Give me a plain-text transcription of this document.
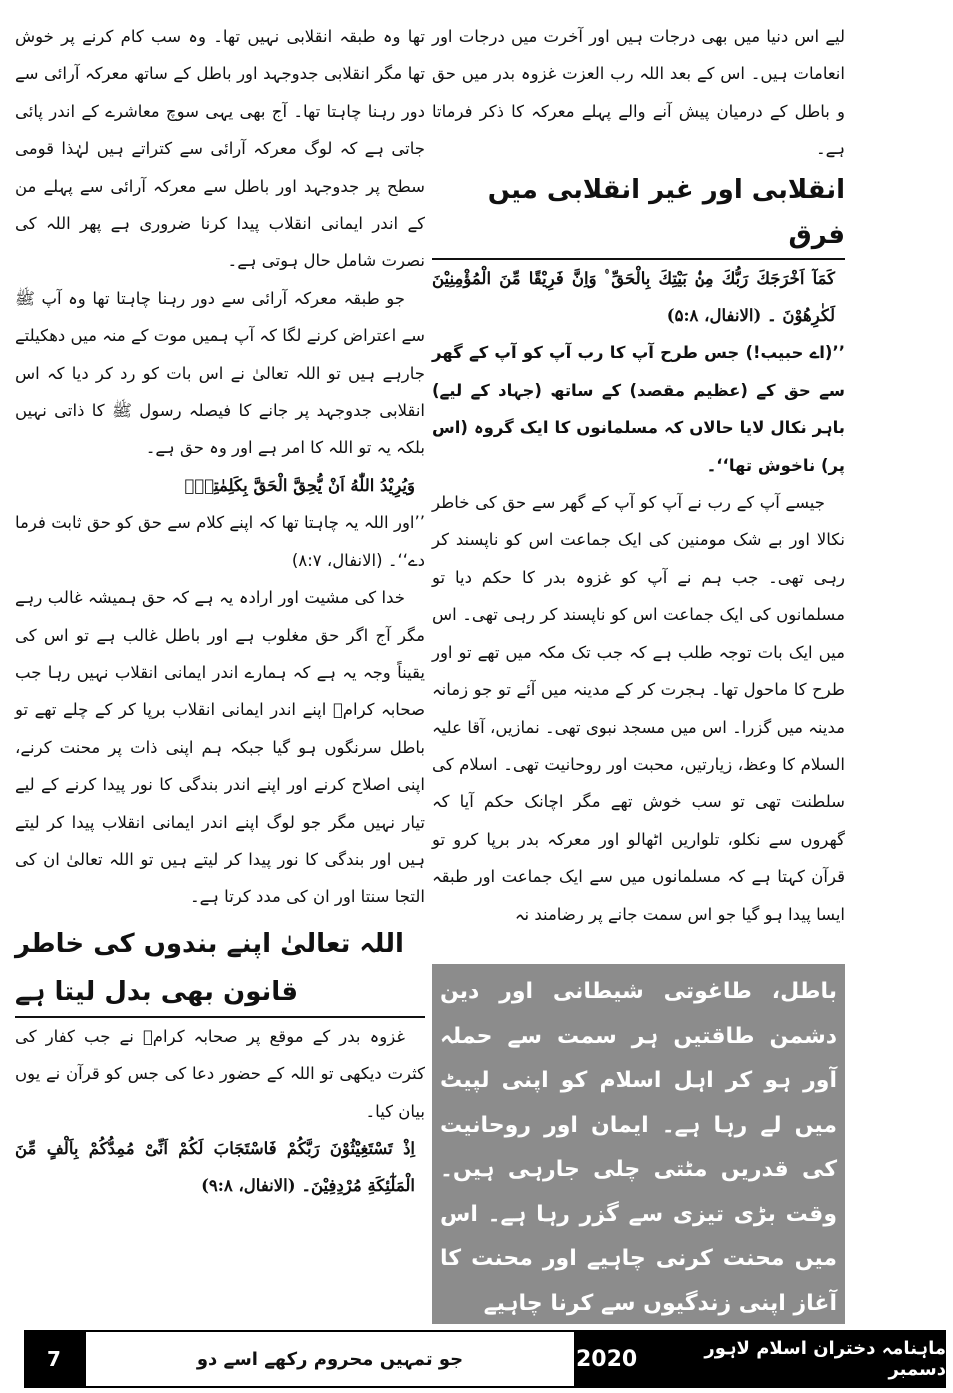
لیے اس دنیا میں بھی درجات ہیں اور آخرت میں درجات اور انعامات ہیں۔ اس کے بعد اللہ رب العزت غزوہ بدر میں حق و باطل کے درمیان پیش آنے والے پہلے معرکہ کا ذکر فرماتا ہے۔

انقلابی اور غیر انقلابی میں فرق

كَمَآ اَخْرَجَكَ رَبُّكَ مِنْۢ بَيْتِكَ بِالْحَقِّ ۠ وَاِنَّ فَرِيْقًا مِّنَ الْمُؤْمِنِيْنَ لَكٰرِهُوْنَ ۔ (الانفال، ۵:۸)

’’(اے حبیب!) جس طرح آپ کا رب آپ کو آپ کے گھر سے حق کے (عظیم مقصد) کے ساتھ (جہاد کے لیے) باہر نکال لایا حالاں کہ مسلمانوں کا ایک گروہ (اس پر) ناخوش تھا‘‘۔

جیسے آپ کے رب نے آپ کو آپ کے گھر سے حق کی خاطر نکالا اور بے شک مومنین کی ایک جماعت اس کو ناپسند کر رہی تھی۔ جب ہم نے آپ کو غزوہ بدر کا حکم دیا تو مسلمانوں کی ایک جماعت اس کو ناپسند کر رہی تھی۔ اس میں ایک بات توجہ طلب ہے کہ جب تک مکہ میں تھے تو اور طرح کا ماحول تھا۔ ہجرت کر کے مدینہ میں آئے تو جو زمانہ مدینہ میں گزرا۔ اس میں مسجد نبوی تھی۔ نمازیں، آقا علیہ السلام کا وعظ، زیارتیں، محبت اور روحانیت تھی۔ اسلام کی سلطنت تھی تو سب خوش تھے مگر اچانک حکم آیا کہ گھروں سے نکلو، تلواریں اٹھالو اور معرکہ بدر برپا کرو تو قرآن کہتا ہے کہ مسلمانوں میں سے ایک جماعت اور طبقہ ایسا پیدا ہو گیا جو اس سمت جانے پر رضامند نہ

باطل، طاغوتی شیطانی اور دین دشمن طاقتیں ہر سمت سے حملہ آور ہو کر اہل اسلام کو اپنی لپیٹ میں لے رہا ہے۔ ایمان اور روحانیت کی قدریں مٹتی چلی جارہی ہیں۔ وقت بڑی تیزی سے گزر رہا ہے۔ اس میں محنت کرنی چاہیے اور محنت کا آغاز اپنی زندگیوں سے کرنا چاہیے

تھا وہ طبقہ انقلابی نہیں تھا۔ وہ سب کام کرنے پر خوش تھا مگر انقلابی جدوجہد اور باطل کے ساتھ معرکہ آرائی سے دور رہنا چاہتا تھا۔ آج بھی یہی سوچ معاشرے کے اندر پائی جاتی ہے کہ لوگ معرکہ آرائی سے کتراتے ہیں لہٰذا قومی سطح پر جدوجہد اور باطل سے معرکہ آرائی سے پہلے من کے اندر ایمانی انقلاب پیدا کرنا ضروری ہے پھر اللہ کی نصرت شامل حال ہوتی ہے۔

جو طبقہ معرکہ آرائی سے دور رہنا چاہتا تھا وہ آپ ﷺ سے اعتراض کرنے لگا کہ آپ ہمیں موت کے منہ میں دھکیلتے جارہے ہیں تو اللہ تعالیٰ نے اس بات کو رد کر دیا کہ اس انقلابی جدوجہد پر جانے کا فیصلہ رسول ﷺ کا ذاتی نہیں بلکہ یہ تو اللہ کا امر ہے اور وہ حق ہے۔

وَيُرِيْدُ اللّٰهُ اَنْ يُّحِقَّ الْحَقَّ بِكَلِمٰتِهٖ۔

’’اور اللہ یہ چاہتا تھا کہ اپنے کلام سے حق کو حق ثابت فرما دے‘‘۔ (الانفال، ۸:۷)

خدا کی مشیت اور ارادہ یہ ہے کہ حق ہمیشہ غالب رہے مگر آج اگر حق مغلوب ہے اور باطل غالب ہے تو اس کی یقیناً وجہ یہ ہے کہ ہمارے اندر ایمانی انقلاب نہیں رہا جب صحابہ کرامؓ اپنے اندر ایمانی انقلاب برپا کر کے چلے تھے تو باطل سرنگوں ہو گیا جبکہ ہم اپنی ذات پر محنت کرنے، اپنی اصلاح کرنے اور اپنے اندر بندگی کا نور پیدا کرنے کے لیے تیار نہیں مگر جو لوگ اپنے اندر ایمانی انقلاب پیدا کر لیتے ہیں اور بندگی کا نور پیدا کر لیتے ہیں تو اللہ تعالیٰ ان کی التجا سنتا اور ان کی مدد کرتا ہے۔

اللہ تعالیٰ اپنے بندوں کی خاطر قانون بھی بدل لیتا ہے

غزوہ بدر کے موقع پر صحابہ کرامؓ نے جب کفار کی کثرت دیکھی تو اللہ کے حضور دعا کی جس کو قرآن نے یوں بیان کیا۔

اِذْ تَسْتَغِيْثُوْنَ رَبَّكُمْ فَاسْتَجَابَ لَكُمْ اَنِّىْ مُمِدُّكُمْ بِاَلْفٍ مِّنَ الْمَلٰٓئِكَةِ مُرْدِفِيْنَ۔ (الانفال، ۹:۸)

7	جو تمہیں محروم رکھے اسے دو	ماہنامہ دختران اسلام لاہور دسمبر
2020
